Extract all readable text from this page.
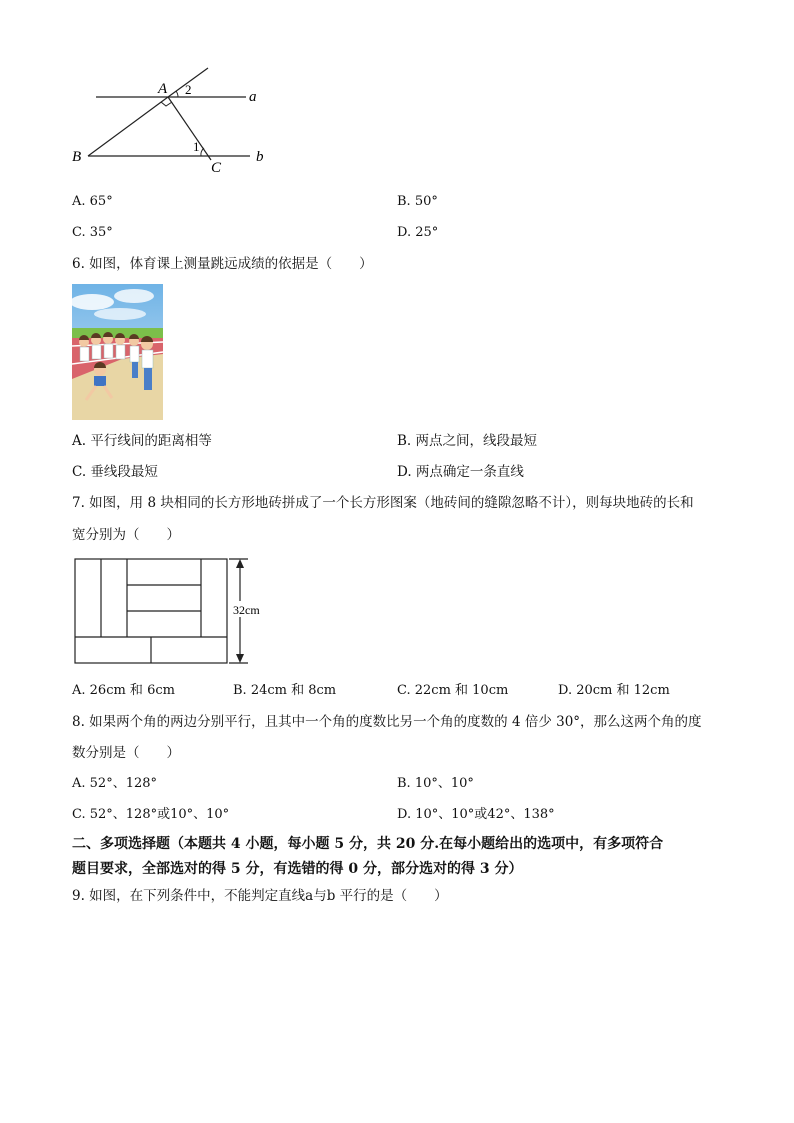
A
B
C
a
b
1
2
A. 65°	B. 50°
C. 35°	D. 25°
6. 如图，体育课上测量跳远成绩的依据是（　　）
A. 平行线间的距离相等	B. 两点之间，线段最短
C. 垂线段最短	D. 两点确定一条直线
7. 如图，用 8 块相同的长方形地砖拼成了一个长方形图案（地砖间的缝隙忽略不计），则每块地砖的长和
宽分别为（　　）
32cm
A. 26cm 和 6cm	B. 24cm 和 8cm	C. 22cm 和 10cm	D. 20cm 和 12cm
8. 如果两个角的两边分别平行，且其中一个角的度数比另一个角的度数的 4 倍少 30°，那么这两个角的度
数分别是（　　）
A. 52°、128°	B. 10°、10°
C. 52°、128°或10°、10°	D. 10°、10°或42°、138°
二、多项选择题（本题共 4 小题，每小题 5 分，共 20 分.在每小题给出的选项中，有多项符合
题目要求，全部选对的得 5 分，有选错的得 0 分，部分选对的得 3 分）
9. 如图，在下列条件中，不能判定直线a与b 平行的是（　　）
